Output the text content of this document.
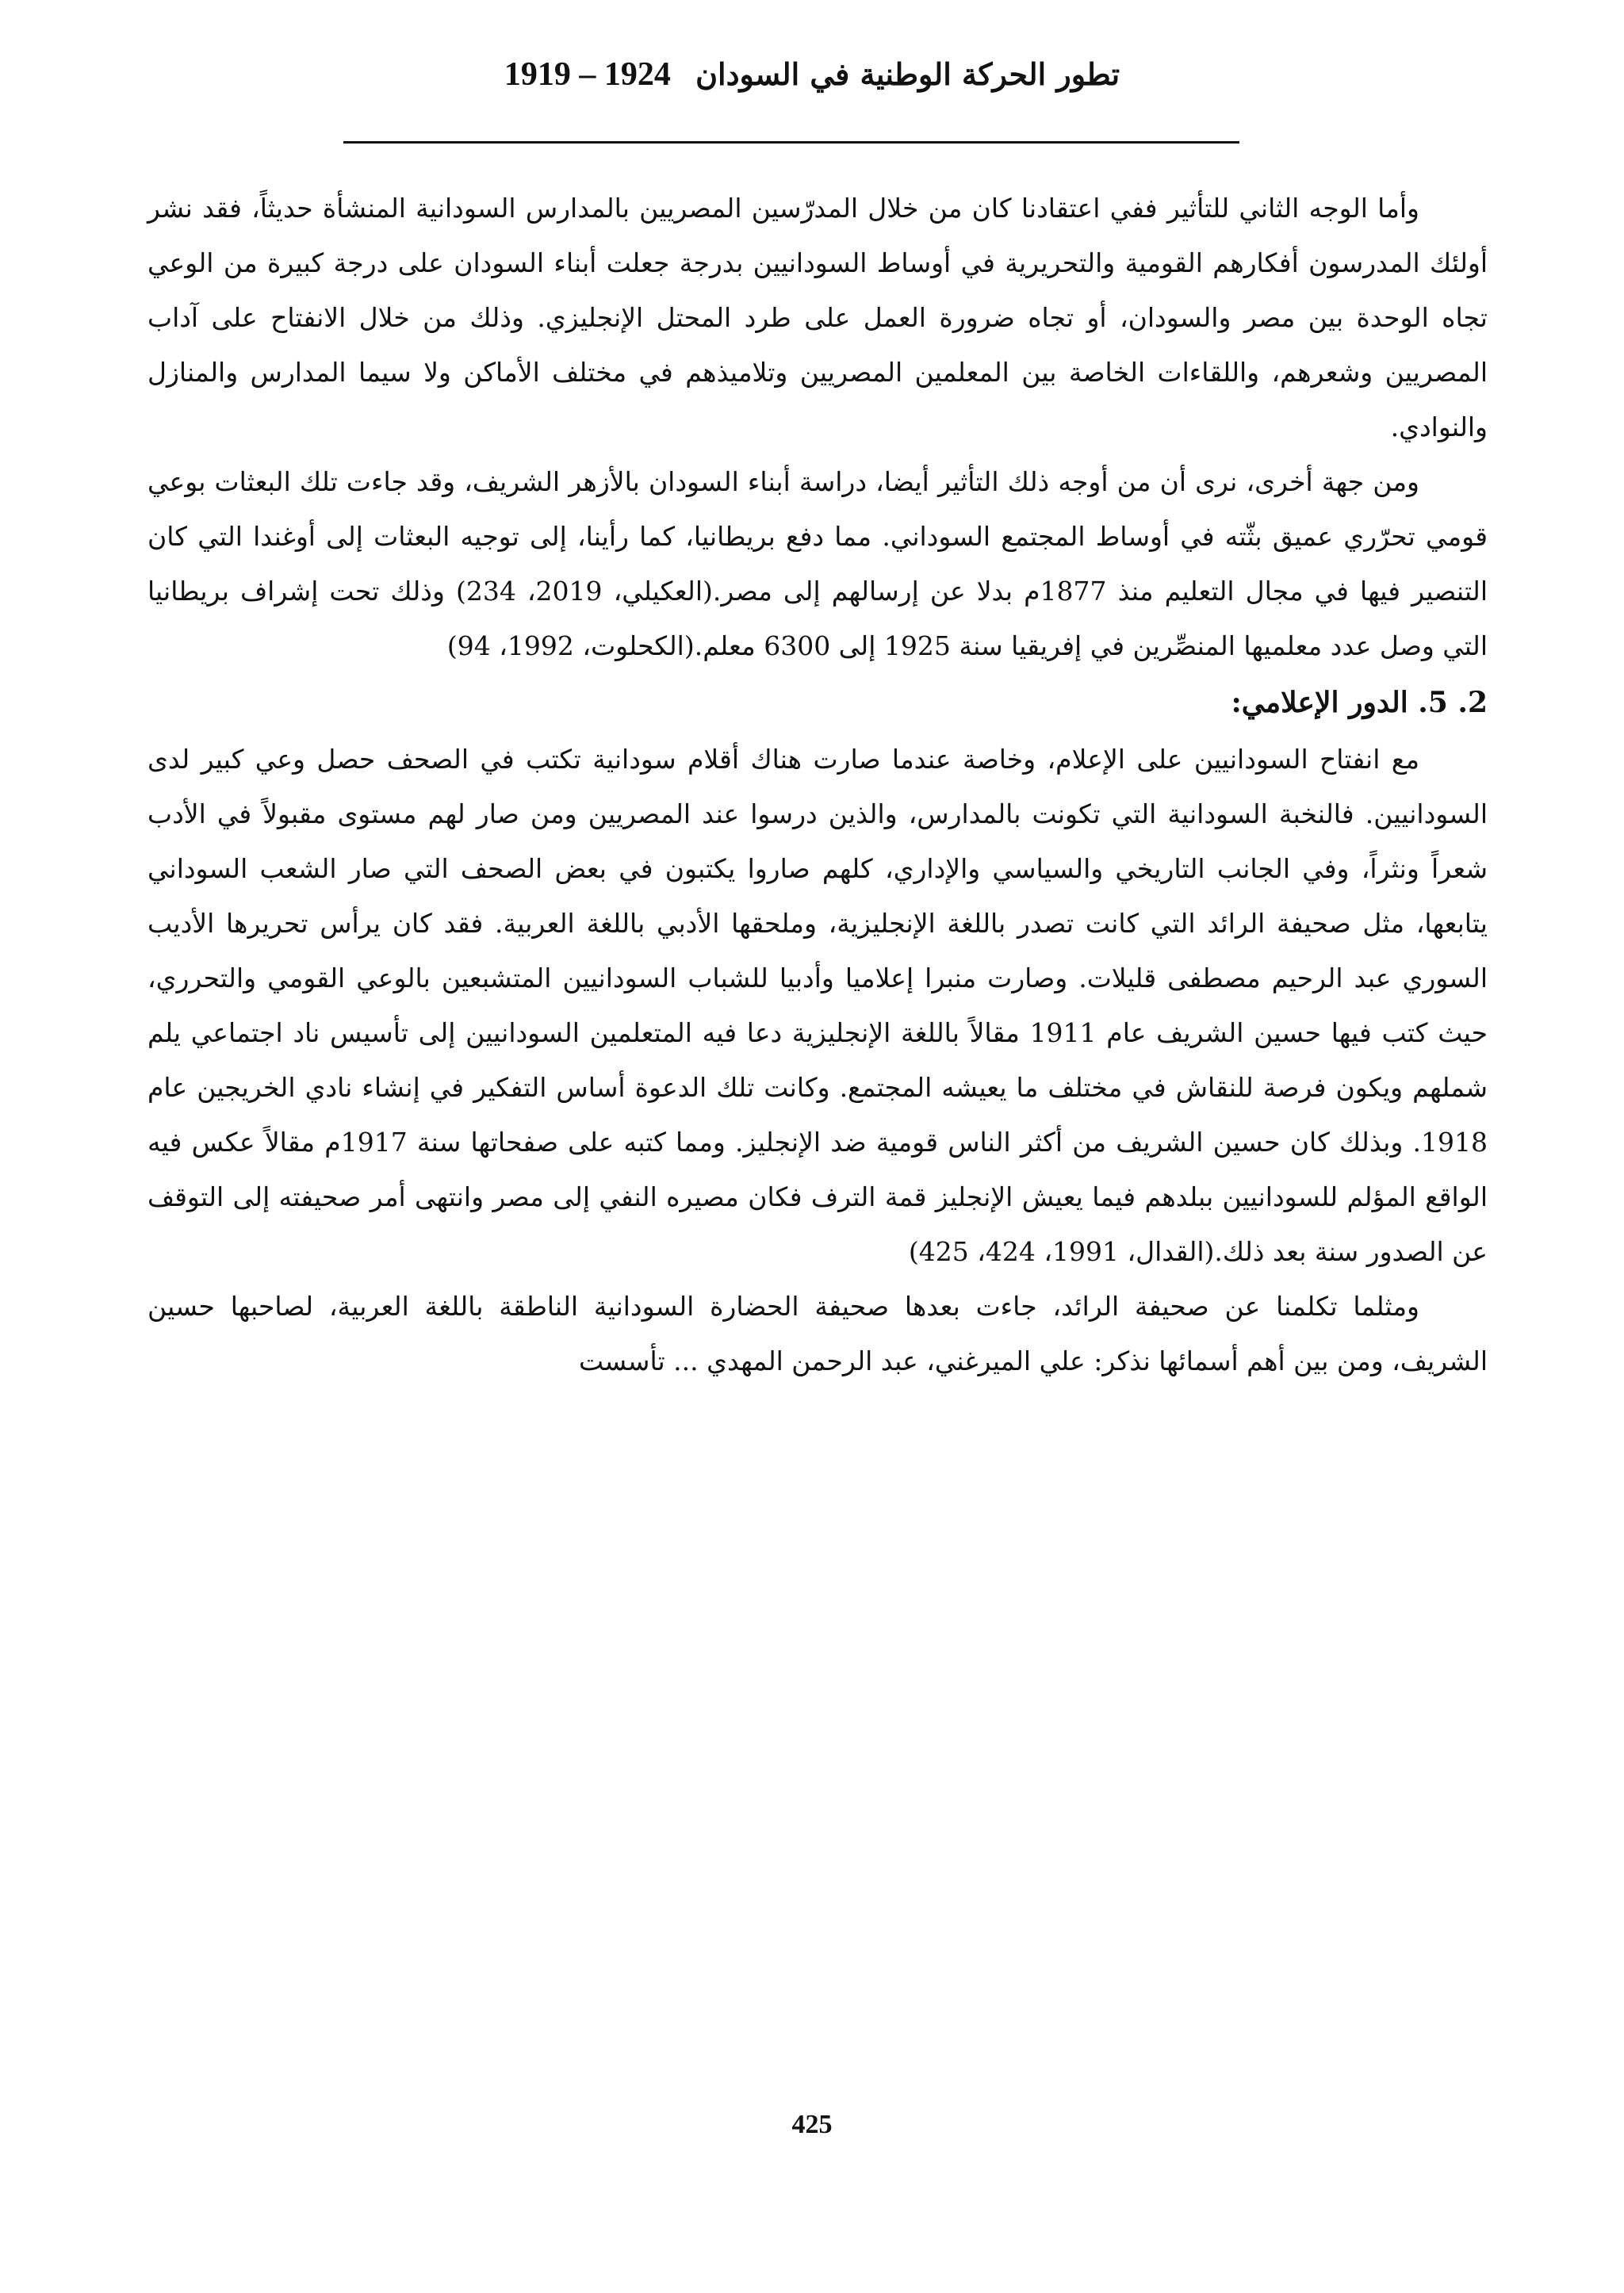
تطور الحركة الوطنية في السودان 1919 – 1924

وأما الوجه الثاني للتأثير ففي اعتقادنا كان من خلال المدرّسين المصريين بالمدارس السودانية المنشأة حديثاً، فقد نشر أولئك المدرسون أفكارهم القومية والتحريرية في أوساط السودانيين بدرجة جعلت أبناء السودان على درجة كبيرة من الوعي تجاه الوحدة بين مصر والسودان، أو تجاه ضرورة العمل على طرد المحتل الإنجليزي. وذلك من خلال الانفتاح على آداب المصريين وشعرهم، واللقاءات الخاصة بين المعلمين المصريين وتلاميذهم في مختلف الأماكن ولا سيما المدارس والمنازل والنوادي.

ومن جهة أخرى، نرى أن من أوجه ذلك التأثير أيضا، دراسة أبناء السودان بالأزهر الشريف، وقد جاءت تلك البعثات بوعي قومي تحرّري عميق بثّته في أوساط المجتمع السوداني. مما دفع بريطانيا، كما رأينا، إلى توجيه البعثات إلى أوغندا التي كان التنصير فيها في مجال التعليم منذ 1877م بدلا عن إرسالهم إلى مصر.(العكيلي، 2019، 234) وذلك تحت إشراف بريطانيا التي وصل عدد معلميها المنصِّرين في إفريقيا سنة 1925 إلى 6300 معلم.(الكحلوت، 1992، 94)

2. 5. الدور الإعلامي:

مع انفتاح السودانيين على الإعلام، وخاصة عندما صارت هناك أقلام سودانية تكتب في الصحف حصل وعي كبير لدى السودانيين. فالنخبة السودانية التي تكونت بالمدارس، والذين درسوا عند المصريين ومن صار لهم مستوى مقبولاً في الأدب شعراً ونثراً، وفي الجانب التاريخي والسياسي والإداري، كلهم صاروا يكتبون في بعض الصحف التي صار الشعب السوداني يتابعها، مثل صحيفة الرائد التي كانت تصدر باللغة الإنجليزية، وملحقها الأدبي باللغة العربية. فقد كان يرأس تحريرها الأديب السوري عبد الرحيم مصطفى قليلات. وصارت منبرا إعلاميا وأدبيا للشباب السودانيين المتشبعين بالوعي القومي والتحرري، حيث كتب فيها حسين الشريف عام 1911 مقالاً باللغة الإنجليزية دعا فيه المتعلمين السودانيين إلى تأسيس ناد اجتماعي يلم شملهم ويكون فرصة للنقاش في مختلف ما يعيشه المجتمع. وكانت تلك الدعوة أساس التفكير في إنشاء نادي الخريجين عام 1918. وبذلك كان حسين الشريف من أكثر الناس قومية ضد الإنجليز. ومما كتبه على صفحاتها سنة 1917م مقالاً عكس فيه الواقع المؤلم للسودانيين ببلدهم فيما يعيش الإنجليز قمة الترف فكان مصيره النفي إلى مصر وانتهى أمر صحيفته إلى التوقف عن الصدور سنة بعد ذلك.(القدال، 1991، 424، 425)

ومثلما تكلمنا عن صحيفة الرائد، جاءت بعدها صحيفة الحضارة السودانية الناطقة باللغة العربية، لصاحبها حسين الشريف، ومن بين أهم أسمائها نذكر: علي الميرغني، عبد الرحمن المهدي ... تأسست

425
